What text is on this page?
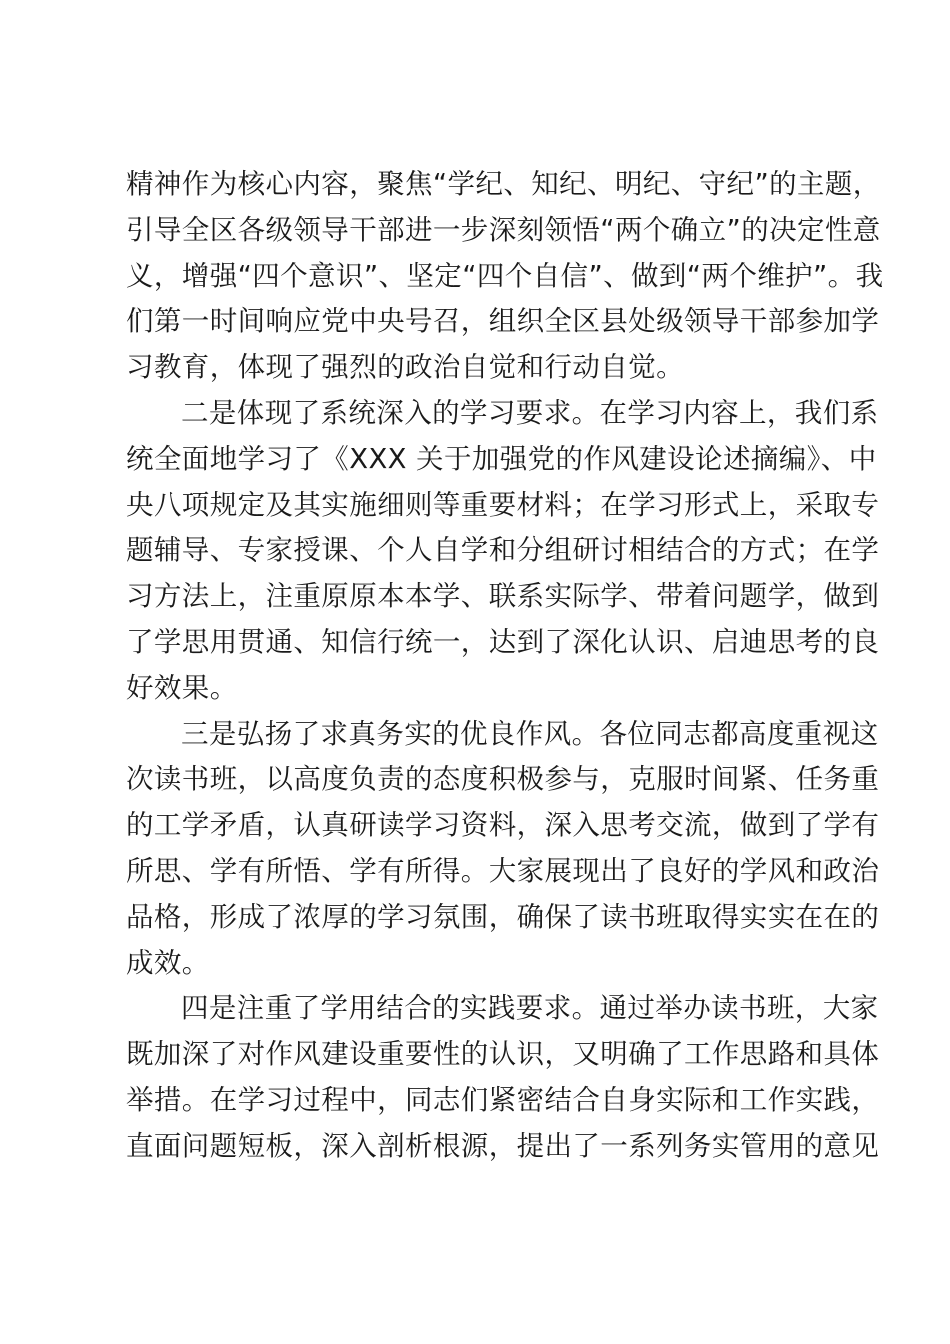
精神作为核心内容，聚焦“学纪、知纪、明纪、守纪”的主题，
引导全区各级领导干部进一步深刻领悟“两个确立”的决定性意
义，增强“四个意识”、坚定“四个自信”、做到“两个维护”。我
们第一时间响应党中央号召，组织全区县处级领导干部参加学
习教育，体现了强烈的政治自觉和行动自觉。
二是体现了系统深入的学习要求。在学习内容上，我们系
统全面地学习了《XXX 关于加强党的作风建设论述摘编》、中
央八项规定及其实施细则等重要材料；在学习形式上，采取专
题辅导、专家授课、个人自学和分组研讨相结合的方式；在学
习方法上，注重原原本本学、联系实际学、带着问题学，做到
了学思用贯通、知信行统一，达到了深化认识、启迪思考的良
好效果。
三是弘扬了求真务实的优良作风。各位同志都高度重视这
次读书班，以高度负责的态度积极参与，克服时间紧、任务重
的工学矛盾，认真研读学习资料，深入思考交流，做到了学有
所思、学有所悟、学有所得。大家展现出了良好的学风和政治
品格，形成了浓厚的学习氛围，确保了读书班取得实实在在的
成效。
四是注重了学用结合的实践要求。通过举办读书班，大家
既加深了对作风建设重要性的认识，又明确了工作思路和具体
举措。在学习过程中，同志们紧密结合自身实际和工作实践，
直面问题短板，深入剖析根源，提出了一系列务实管用的意见
